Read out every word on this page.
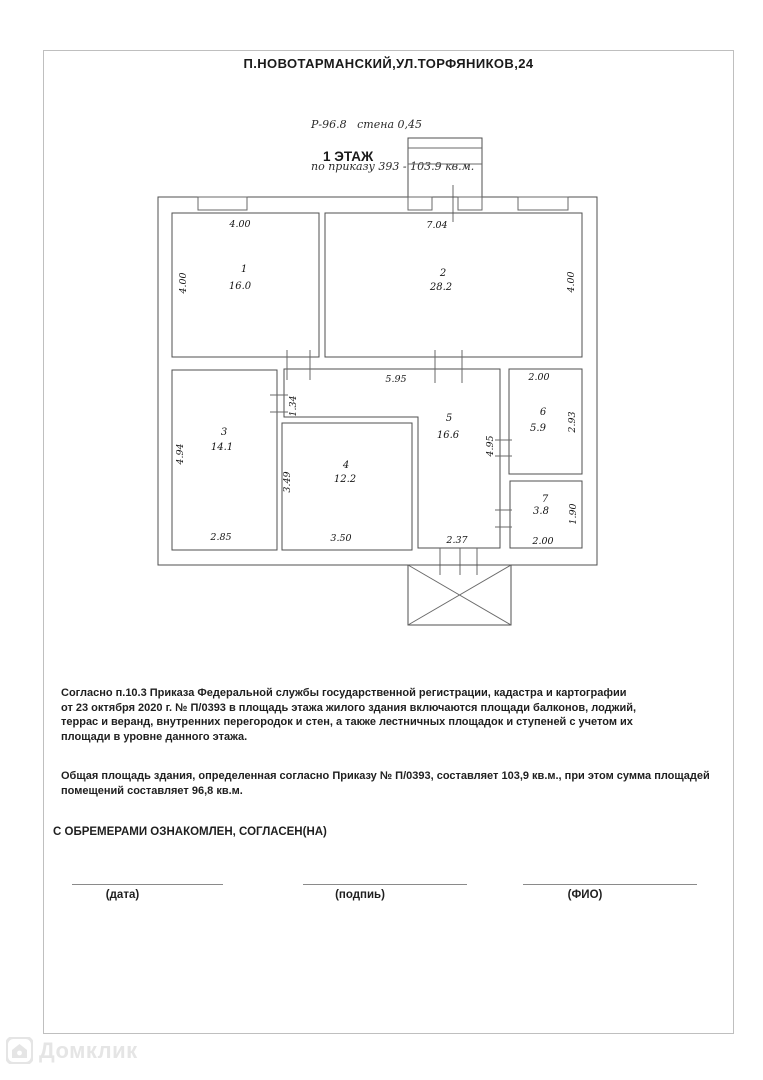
П.НОВОТАРМАНСКИЙ,УЛ.ТОРФЯНИКОВ,24

Р-96.8   стена 0,45

по приказу 393 - 103.9 кв.м.

1 ЭТАЖ
4.00
4.00
1
16.0
7.04
4.00
2
28.2
4.94
3
14.1
2.85
3.49
4
12.2
3.50
5.95
1.34
4.95
5
16.6
2.37
2.00
2.93
6
5.9
1.90
7
3.8
2.00
Согласно п.10.3 Приказа Федеральной службы государственной регистрации, кадастра и картографии
от 23 октября 2020 г. № П/0393 в площадь этажа жилого здания включаются площади балконов, лоджий,
террас и веранд, внутренних перегородок и стен, а также лестничных площадок и ступеней с учетом их
площади в уровне данного этажа.
Общая площадь здания, определенная согласно Приказу № П/0393, составляет 103,9 кв.м., при этом сумма площадей
помещений составляет 96,8 кв.м.
С ОБРЕМЕРАМИ ОЗНАКОМЛЕН, СОГЛАСЕН(НА)
(дата)	(подпиь)	(ФИО)
Домклик
